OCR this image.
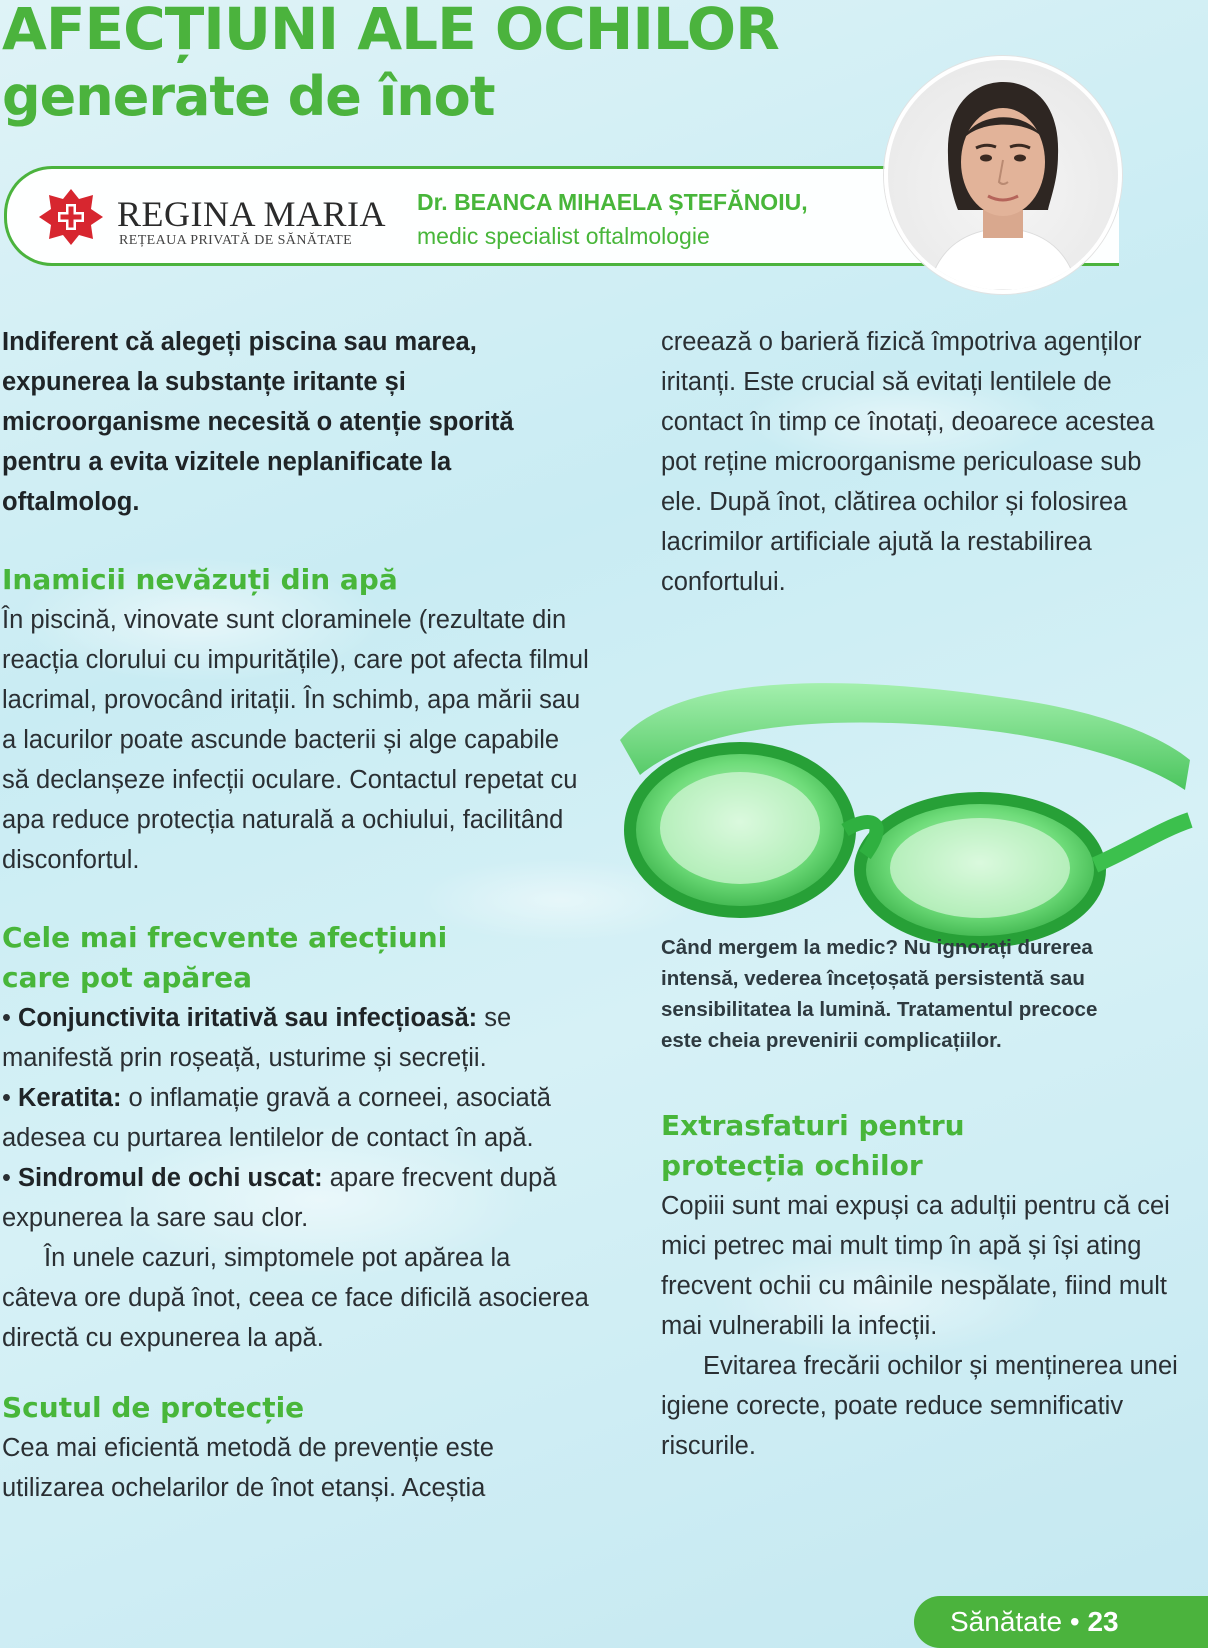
AFECȚIUNI ALE OCHILOR
generate de înot
REGINA MARIA
REȚEAUA PRIVATĂ DE SĂNĂTATE
Dr. BEANCA MIHAELA ȘTEFĂNOIU,
medic specialist oftalmologie

Indiferent că alegeți piscina sau marea, expunerea la substanțe iritante și microorganisme necesită o atenție sporită pentru a evita vizitele neplanificate la oftalmolog.

Inamicii nevăzuți din apă

În piscină, vinovate sunt cloraminele (rezultate din reacția clorului cu impuritățile), care pot afecta filmul lacrimal, provocând iritații. În schimb, apa mării sau a lacurilor poate ascunde bacterii și alge capabile să declanșeze infecții oculare. Contactul repetat cu apa reduce protecția naturală a ochiului, facilitând disconfortul.

Cele mai frecvente afecțiuni
care pot apărea

• Conjunctivita iritativă sau infecțioasă: se manifestă prin roșeață, usturime și secreții.

• Keratita: o inflamație gravă a corneei, asociată adesea cu purtarea lentilelor de contact în apă.

• Sindromul de ochi uscat: apare frecvent după expunerea la sare sau clor.

În unele cazuri, simptomele pot apărea la câteva ore după înot, ceea ce face dificilă asocierea directă cu expunerea la apă.

Scutul de protecție

Cea mai eficientă metodă de prevenție este utilizarea ochelarilor de înot etanși. Aceștia

creează o barieră fizică împotriva agenților iritanți. Este crucial să evitați lentilele de contact în timp ce înotați, deoarece acestea pot reține microorganisme periculoase sub ele. După înot, clătirea ochilor și folosirea lacrimilor artificiale ajută la restabilirea confortului.

Când mergem la medic? Nu ignorați durerea intensă, vederea încețoșată persistentă sau sensibilitatea la lumină. Tratamentul precoce este cheia prevenirii complicațiilor.
Extrasfaturi pentru
protecția ochilor

Copiii sunt mai expuși ca adulții pentru că cei mici petrec mai mult timp în apă și își ating frecvent ochii cu mâinile nespălate, fiind mult mai vulnerabili la infecții.

Evitarea frecării ochilor și menținerea unei igiene corecte, poate reduce semnificativ riscurile.

Sănătate • 23
